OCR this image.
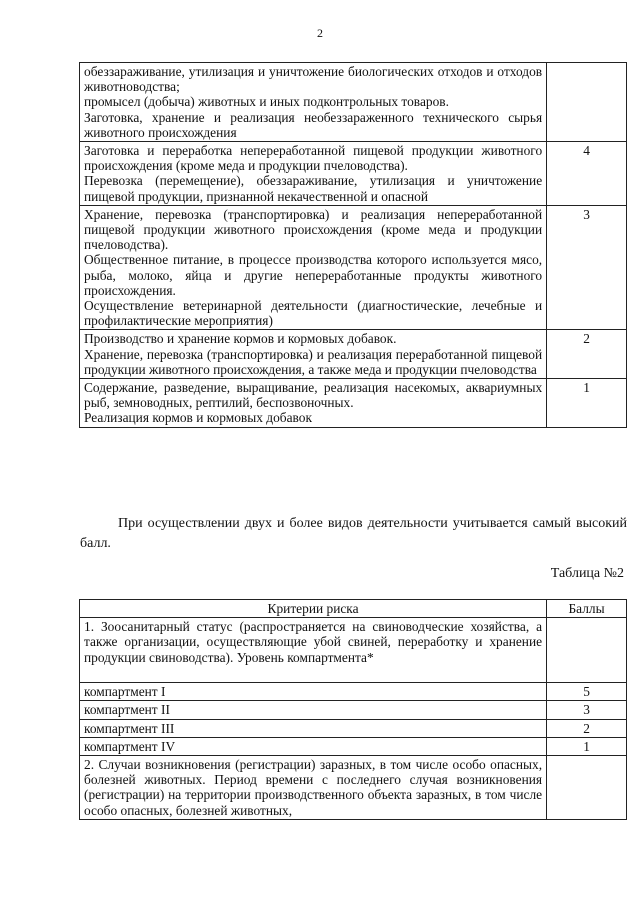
2
обеззараживание, утилизация и уничтожение биологических отходов и отходов животноводства;
промысел (добыча) животных и иных подконтрольных товаров.
Заготовка, хранение и реализация необеззараженного технического сырья животного происхождения	

Заготовка и переработка непереработанной пищевой продукции животного происхождения (кроме меда и продукции пчеловодства).
Перевозка (перемещение), обеззараживание, утилизация и уничтожение пищевой продукции, признанной некачественной и опасной	4

Хранение, перевозка (транспортировка) и реализация непереработанной пищевой продукции животного происхождения (кроме меда и продукции пчеловодства).
Общественное питание, в процессе производства которого используется мясо, рыба, молоко, яйца и другие непереработанные продукты животного происхождения.
Осуществление ветеринарной деятельности (диагностические, лечебные и профилактические мероприятия)	3

Производство и хранение кормов и кормовых добавок.
Хранение, перевозка (транспортировка) и реализация переработанной пищевой продукции животного происхождения, а также меда и продукции пчеловодства	2

Содержание, разведение, выращивание, реализация насекомых, аквариумных рыб, земноводных, рептилий, беспозвоночных.
Реализация кормов и кормовых добавок	1
При осуществлении двух и более видов деятельности учитывается самый высокий балл.
Таблица №2
Критерии риска	Баллы
1. Зоосанитарный статус (распространяется на свиноводческие хозяйства, а также организации, осуществляющие убой свиней, переработку и хранение продукции свиноводства). Уровень компартмента*	
компартмент I	5
компартмент II	3
компартмент III	2
компартмент IV	1
2. Случаи возникновения (регистрации) заразных, в том числе особо опасных, болезней животных. Период времени с последнего случая возникновения (регистрации) на территории производственного объекта заразных, в том числе особо опасных, болезней животных,	
